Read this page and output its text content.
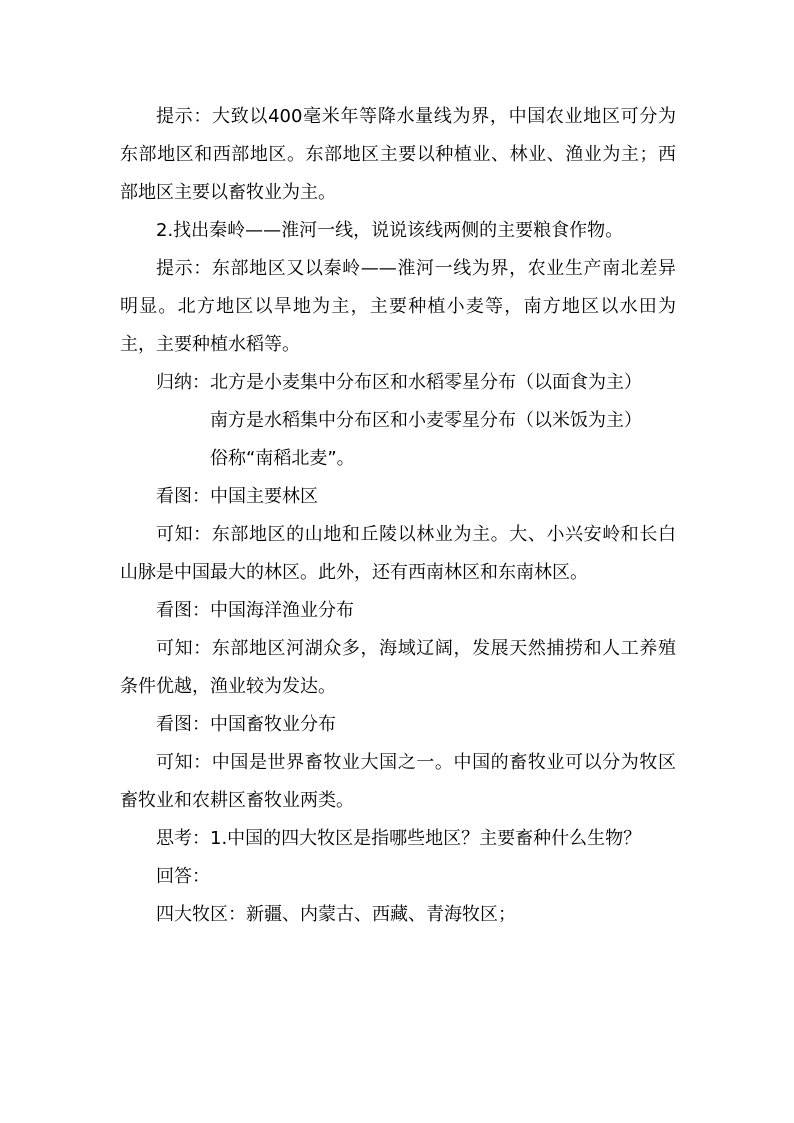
提示：大致以400毫米年等降水量线为界，中国农业地区可分为东部地区和西部地区。东部地区主要以种植业、林业、渔业为主；西部地区主要以畜牧业为主。

2.找出秦岭——淮河一线，说说该线两侧的主要粮食作物。

提示：东部地区又以秦岭——淮河一线为界，农业生产南北差异明显。北方地区以旱地为主，主要种植小麦等，南方地区以水田为主，主要种植水稻等。

归纳：北方是小麦集中分布区和水稻零星分布（以面食为主）

南方是水稻集中分布区和小麦零星分布（以米饭为主）

俗称“南稻北麦”。

看图：中国主要林区

可知：东部地区的山地和丘陵以林业为主。大、小兴安岭和长白山脉是中国最大的林区。此外，还有西南林区和东南林区。

看图：中国海洋渔业分布

可知：东部地区河湖众多，海域辽阔，发展天然捕捞和人工养殖条件优越，渔业较为发达。

看图：中国畜牧业分布

可知：中国是世界畜牧业大国之一。中国的畜牧业可以分为牧区畜牧业和农耕区畜牧业两类。

思考：1.中国的四大牧区是指哪些地区？主要畜种什么生物？

回答：

四大牧区：新疆、内蒙古、西藏、青海牧区；
